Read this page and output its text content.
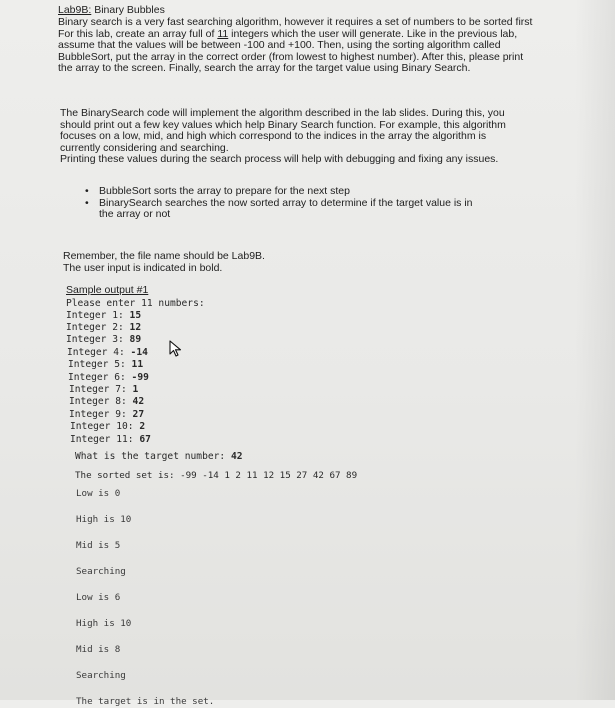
Lab9B: Binary Bubbles
Binary search is a very fast searching algorithm, however it requires a set of numbers to be sorted first
For this lab, create an array full of 11 integers which the user will generate. Like in the previous lab,
assume that the values will be between -100 and +100. Then, using the sorting algorithm called
BubbleSort, put the array in the correct order (from lowest to highest number). After this, please print
the array to the screen. Finally, search the array for the target value using Binary Search.
The BinarySearch code will implement the algorithm described in the lab slides. During this, you
should print out a few key values which help Binary Search function. For example, this algorithm
focuses on a low, mid, and high which correspond to the indices in the array the algorithm is
currently considering and searching.
Printing these values during the search process will help with debugging and fixing any issues.
• BubbleSort sorts the array to prepare for the next step
• BinarySearch searches the now sorted array to determine if the target value is in
the array or not
Remember, the file name should be Lab9B.
The user input is indicated in bold.
Sample output #1
Please enter 11 numbers:
Integer 1: 15
Integer 2: 12
Integer 3: 89
Integer 4: -14
Integer 5: 11
Integer 6: -99
Integer 7: 1
Integer 8: 42
Integer 9: 27
Integer 10: 2
Integer 11: 67
What is the target number: 42
The sorted set is: -99 -14 1 2 11 12 15 27 42 67 89
Low is 0
High is 10
Mid is 5
Searching
Low is 6
High is 10
Mid is 8
Searching
The target is in the set.
